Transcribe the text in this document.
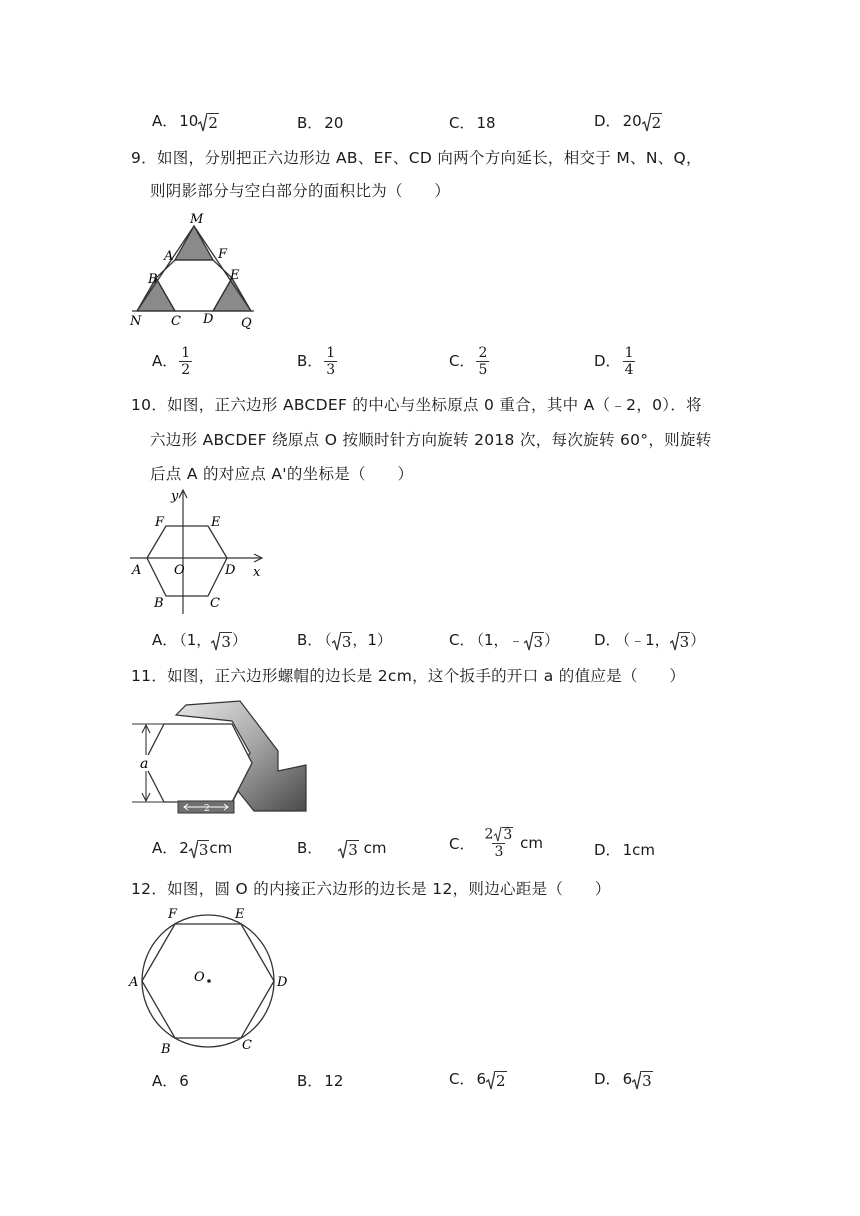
A． 10 2	B． 20	C． 18	D． 20 2
9．如图，分别把正六边形边 AB、EF、CD 向两个方向延长，相交于 M、N、Q，
则阴影部分与空白部分的面积比为（　　）
M
A	F
B	E
N C D Q
A． $\frac{1}{2}$	B． $\frac{1}{3}$	C． $\frac{2}{5}$	D． $\frac{1}{4}$
10．如图，正六边形 ABCDEF 的中心与坐标原点 0 重合，其中 A（﹣2，0）．将
六边形 ABCDEF 绕原点 O 按顺时针方向旋转 2018 次，每次旋转 60°，则旋转
后点 A 的对应点 A'的坐标是（　　）
y
x
O
A	D
F	E
B	C
A． （1， 3 ）	B． （ 3 ，1）	C． （1，﹣ 3 ） D． （﹣1， 3 ）
11．如图，正六边形螺帽的边长是 2cm，这个扳手的开口 a 的值应是（　　）
2
a
A． 2 3 cm	B． 3 cm	C． $\frac{2 3}{3}$ cm	D． 1cm
12．如图，圆 O 的内接正六边形的边长是 12，则边心距是（　　）
F	E
A	O	D
B	C
A． 6	B． 12	C． 6 2	D． 6 3
